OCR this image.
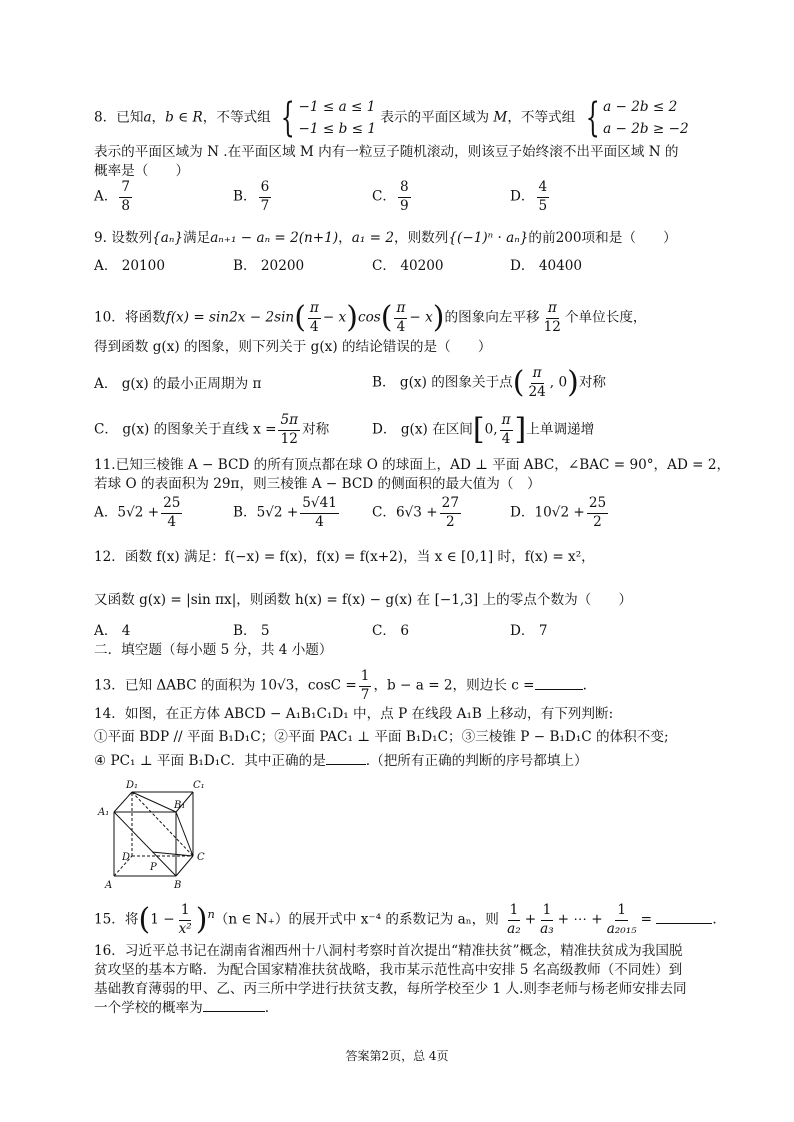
8．已知a，b ∈ R，不等式组 { −1 ≤ a ≤ 1
−1 ≤ b ≤ 1
表示的平面区域为 M，不等式组 { a − 2b ≤ 2
a − 2b ≥ −2
表示的平面区域为 N .在平面区域 M 内有一粒豆子随机滚动，则该豆子始终滚不出平面区域 N 的
概率是（　　）
A． $\frac{7}{8}$	B． $\frac{6}{7}$	C． $\frac{8}{9}$	D． $\frac{4}{5}$
9. 设数列{aₙ}满足aₙ₊₁ − aₙ = 2(n+1)，a₁ = 2，则数列{(−1)ⁿ · aₙ}的前200项和是（　　）
A． 20100	B． 20200	C． 40200	D． 40400
10．将函数$f(x) = \sin 2x - 2\sin( \frac{\pi}{4} - x)\cos( \frac{\pi}{4} - x)$的图象向左平移 $\frac{\pi}{12}$ 个单位长度，
得到函数 g(x) 的图象，则下列关于 g(x) 的结论错误的是（　　）
A． g(x) 的最小正周期为 π	B． g(x) 的图象关于点( $\frac{\pi}{24}$ , 0)对称
C． g(x) 的图象关于直线 $x = \frac{5\pi}{12}$ 对称	D． g(x) 在区间[0, $\frac{\pi}{4}$ ]上单调递增
11.已知三棱锥 A − BCD 的所有顶点都在球 O 的球面上，AD ⊥ 平面 ABC，∠BAC = 90°，AD = 2，
若球 O 的表面积为 29π，则三棱锥 A − BCD 的侧面积的最大值为（　）
A．$5√2 + \frac{25}{4}$	B．$5√2 + \frac{5√41}{4}$ C．$6√3 + \frac{27}{2}$	D．$10√2 + \frac{25}{2}$
12．函数 f(x) 满足：f(−x) = f(x)，f(x) = f(x+2)，当 x ∈ [0,1] 时，f(x) = x²，
又函数 g(x) = |sin πx|，则函数 h(x) = f(x) − g(x) 在 [−1,3] 上的零点个数为（　　）
A． 4	B． 5	C． 6	D． 7
二．填空题（每小题 5 分，共 4 小题）
13．已知 ΔABC 的面积为 10√3，$\cos C = \frac{1}{7}$ ，b − a = 2，则边长 c =	.
14．如图，在正方体 ABCD − A₁B₁C₁D₁ 中，点 P 在线段 A₁B 上移动，有下列判断:
①平面 BDP // 平面 B₁D₁C；②平面 PAC₁ ⊥ 平面 B₁D₁C；③三棱锥 P − B₁D₁C 的体积不变;
④ PC₁ ⊥ 平面 B₁D₁C．其中正确的是	.（把所有正确的判断的序号都填上）
A₁
B₁
C₁
D₁
A	B
C
D
P
15．将$(1 - \frac{1}{\text{x²}} )^n(n$ ∈ N₊）的展开式中 x⁻⁴ 的系数记为 aₙ，则 $\frac{1}{\text{a₂}} + \frac{1}{\text{a₃}}$ + ⋯ + $\frac{1}{\text{a₂₀₁₅}}$ =	.
16．习近平总书记在湖南省湘西州十八洞村考察时首次提出“精准扶贫”概念，精准扶贫成为我国脱
贫攻坚的基本方略．为配合国家精准扶贫战略，我市某示范性高中安排 5 名高级教师（不同姓）到
基础教育薄弱的甲、乙、丙三所中学进行扶贫支教，每所学校至少 1 人.则李老师与杨老师安排去同
一个学校的概率为	.
答案第2页，总 4页
